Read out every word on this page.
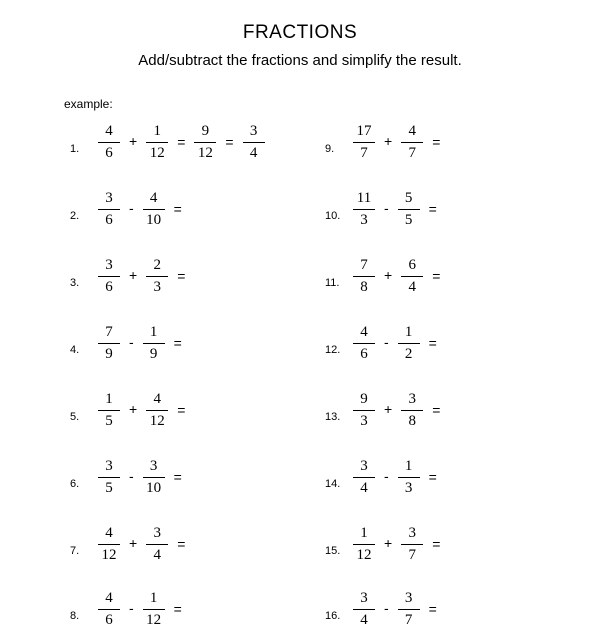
FRACTIONS
Add/subtract the fractions and simplify the result.
example:
1.	$\frac{4}{6} + \frac{1}{12} = \frac{9}{12} = \frac{3}{4}$
2.	$\frac{3}{6} - \frac{4}{10}$ =
3.	$\frac{3}{6} + \frac{2}{3}$ =
4.	$\frac{7}{9} - \frac{1}{9}$ =
5.	$\frac{1}{5} + \frac{4}{12}$ =
6.	$\frac{3}{5} - \frac{3}{10}$ =
7.	$\frac{4}{12} + \frac{3}{4}$ =
8.	$\frac{4}{6} - \frac{1}{12}$ =
9.	$\frac{17}{7} + \frac{4}{7}$ =
10. $\frac{11}{3} - \frac{5}{5}$ =
11. $\frac{7}{8} + \frac{6}{4}$ =
12. $\frac{4}{6} - \frac{1}{2}$ =
13. $\frac{9}{3} + \frac{3}{8}$ =
14. $\frac{3}{4} - \frac{1}{3}$ =
15. $\frac{1}{12} + \frac{3}{7}$ =
16. $\frac{3}{4} - \frac{3}{7}$ =
